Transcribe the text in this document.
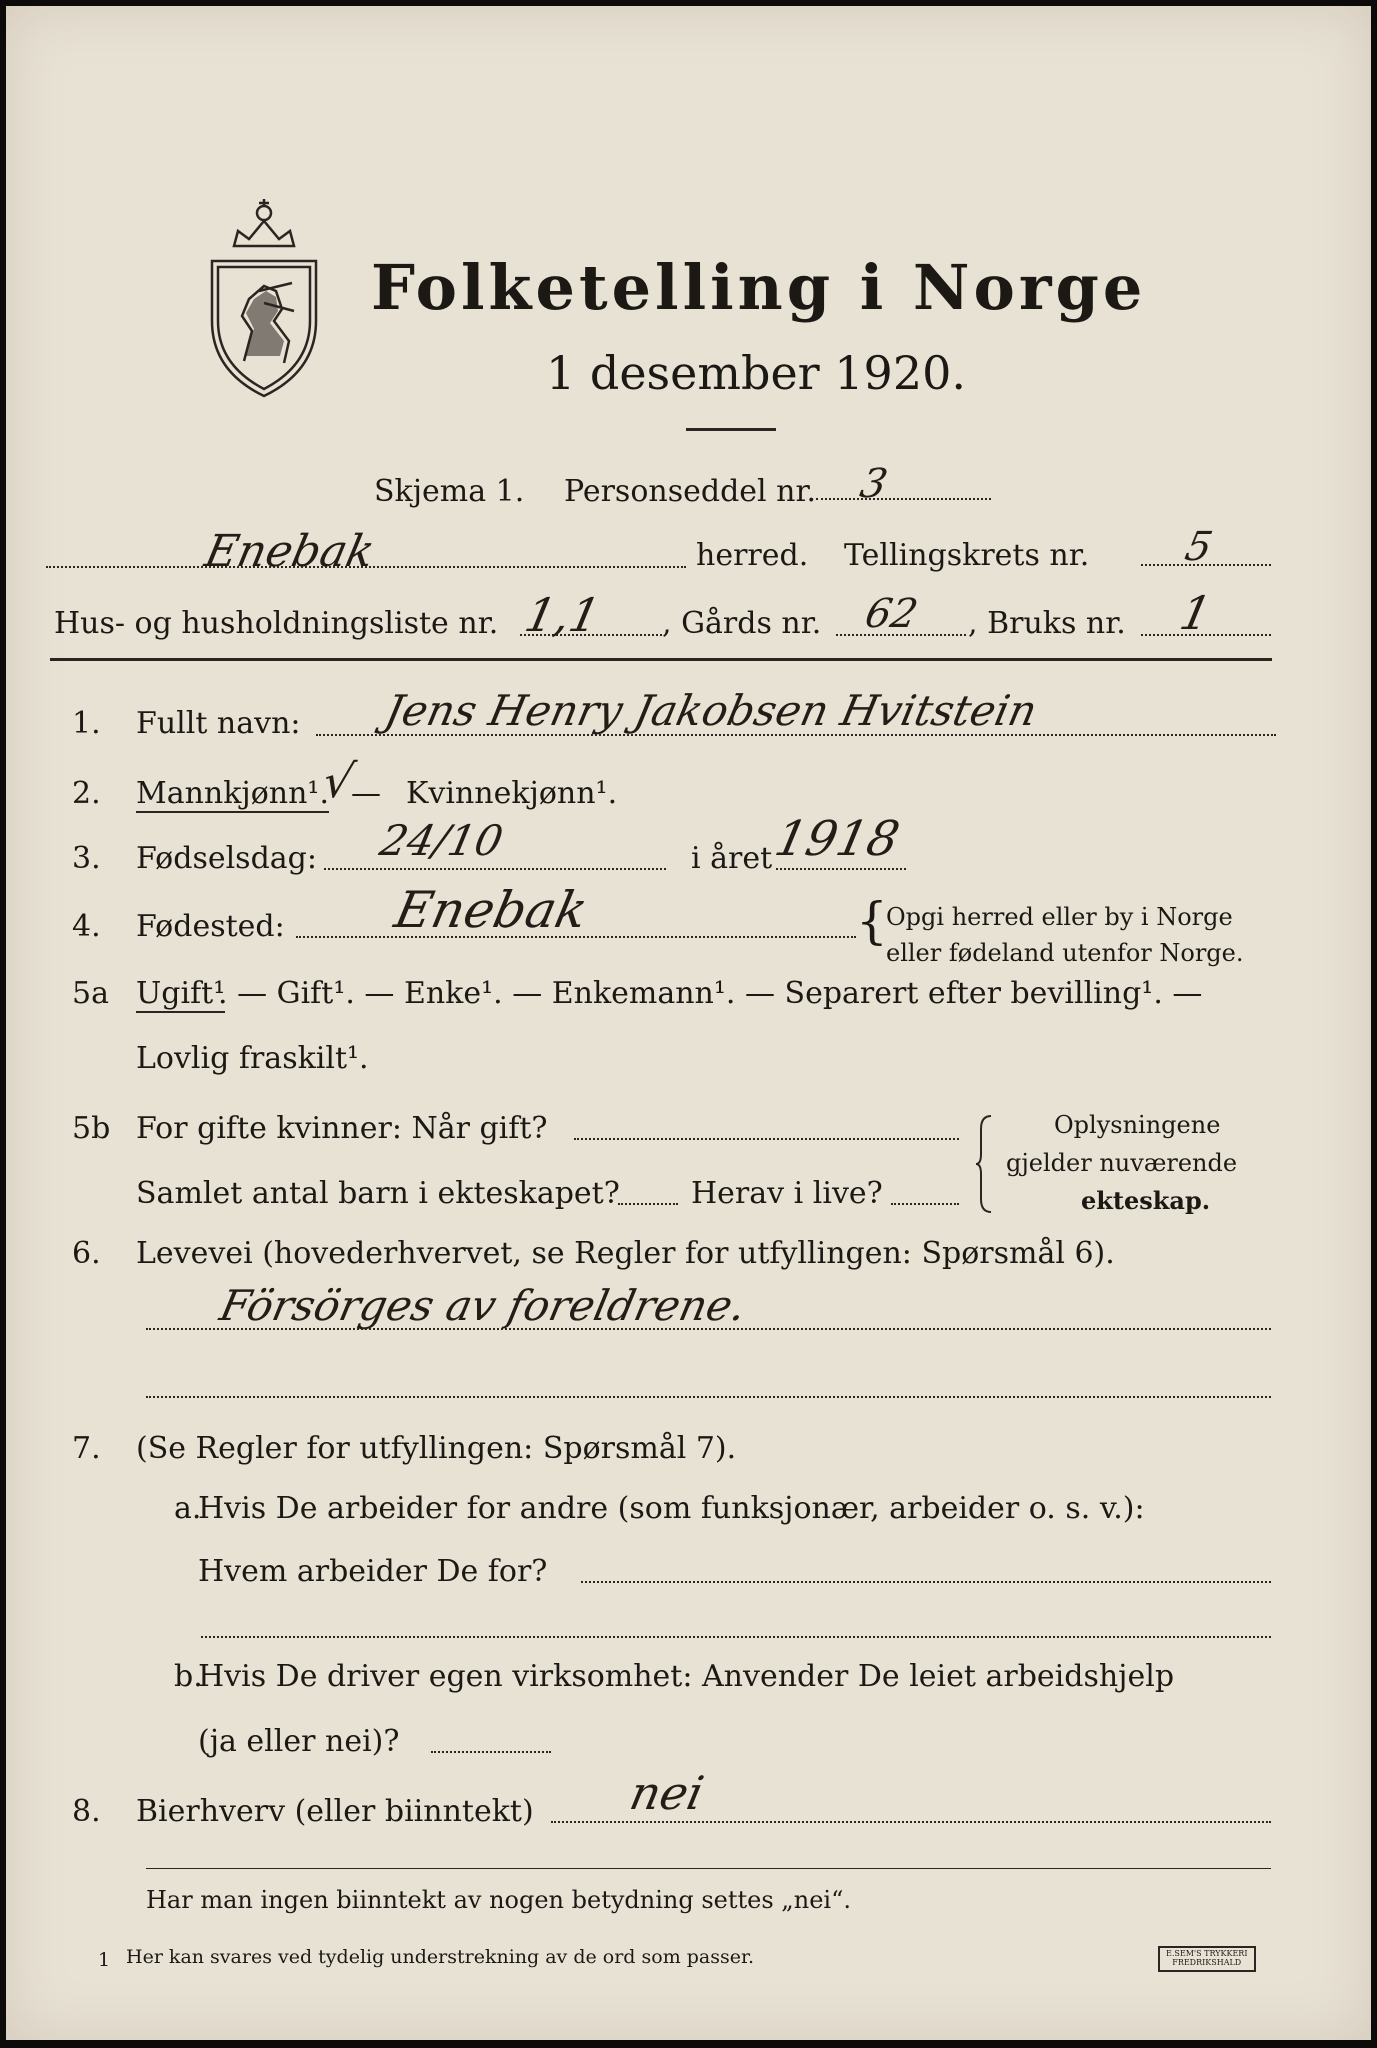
Folketelling i Norge
1 desember 1920.
Skjema 1. Personseddel nr. 3
Enebak	herred. Tellingskrets nr. 5
Hus- og husholdningsliste nr. 1,1 , Gårds nr. 62 , Bruks nr. 1
1. Fullt navn: Jens Henry Jakobsen Hvitstein
2. Mannkjønn¹.
√
— Kvinnekjønn¹.
3. Fødselsdag: 24/10	i året
1918
4. Fødested: Enebak	{
Opgi herred eller by i Norge
eller fødeland utenfor Norge.
5a Ugift¹
. — Gift¹. — Enke¹. — Enkemann¹. — Separert efter bevilling¹. —
Lovlig fraskilt¹.
5b For gifte kvinner: Når gift?
Samlet antal barn i ekteskapet? Herav i live?
Oplysningene
gjelder nuværende
ekteskap.
6. Levevei (hovederhvervet, se Regler for utfyllingen: Spørsmål 6).
Försörges av foreldrene.
7. (Se Regler for utfyllingen: Spørsmål 7).
a.
Hvis De arbeider for andre (som funksjonær, arbeider o. s. v.):
Hvem arbeider De for?
b.
Hvis De driver egen virksomhet: Anvender De leiet arbeidshjelp
(ja eller nei)?
8. Bierhverv (eller biinntekt) nei
Har man ingen biinntekt av nogen betydning settes „nei“.
1 Her kan svares ved tydelig understrekning av de ord som passer.	E.SEM'S TRYKKERI
FREDRIKSHALD
